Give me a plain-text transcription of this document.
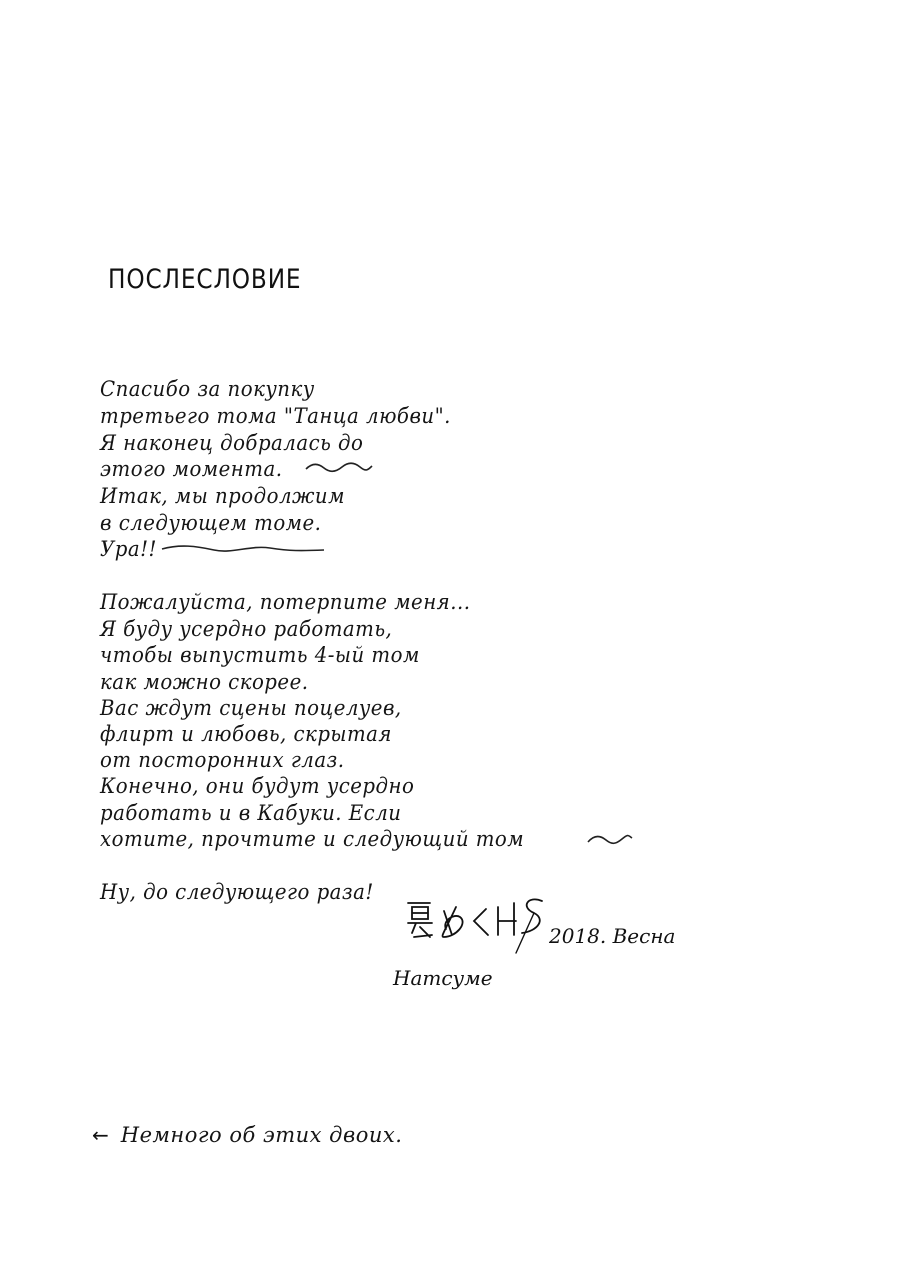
ПОСЛЕСЛОВИЕ
Спасибо за покупку
третьего тома "Танца любви".
Я наконец добралась до
этого момента.
Итак, мы продолжим
в следующем томе.
Ура!!
Пожалуйста, потерпите меня...
Я буду усердно работать,
чтобы выпустить 4-ый том
как можно скорее.
Вас ждут сцены поцелуев,
флирт и любовь, скрытая
от посторонних глаз.
Конечно, они будут усердно
работать и в Кабуки. Если
хотите, прочтите и следующий том
Ну, до следующего раза!
2018. Весна
Натсуме
← Немного об этих двоих.
